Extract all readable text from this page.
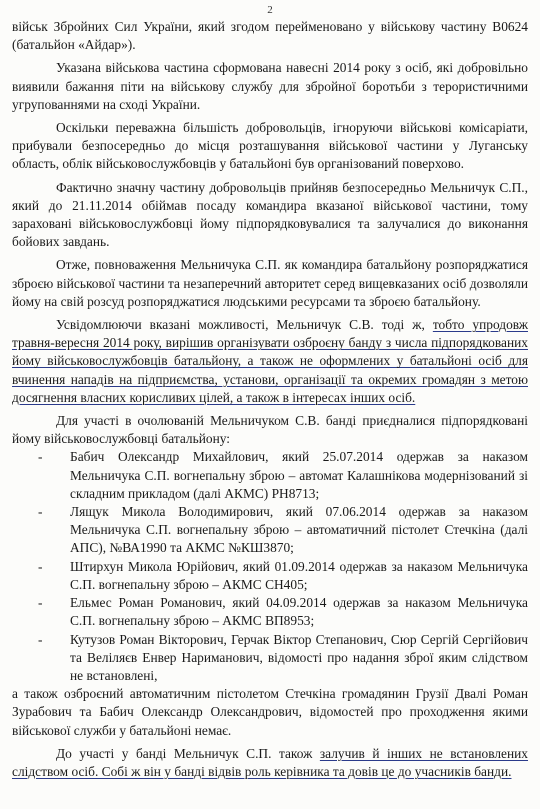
2

військ Збройних Сил України, який згодом перейменовано у військову частину В0624 (батальйон «Айдар»).

Указана військова частина сформована навесні 2014 року з осіб, які добровільно виявили бажання піти на військову службу для збройної боротьби з терористичними угрупованнями на сході України.

Оскільки переважна більшість добровольців, ігноруючи військові комісаріати, прибували безпосередньо до місця розташування військової частини у Луганську область, облік військовослужбовців у батальйоні був організований поверхово.

Фактично значну частину добровольців прийняв безпосередньо Мельничук С.П., який до 21.11.2014 обіймав посаду командира вказаної військової частини, тому зараховані військовослужбовці йому підпорядковувалися та залучалися до виконання бойових завдань.

Отже, повноваження Мельничука С.П. як командира батальйону розпоряджатися зброєю військової частини та незаперечний авторитет серед вищевказаних осіб дозволяли йому на свій розсуд розпоряджатися людськими ресурсами та зброєю батальйону.

Усвідомлюючи вказані можливості, Мельничук С.В. тоді ж, тобто упродовж травня-вересня 2014 року, вирішив організувати озброєну банду з числа підпорядкованих йому військовослужбовців батальйону, а також не оформлених у батальйоні осіб для вчинення нападів на підприємства, установи, організації та окремих громадян з метою досягнення власних корисливих цілей, а також в інтересах інших осіб.

Для участі в очолюваній Мельничуком С.В. банді приєдналися підпорядковані йому військовослужбовці батальйону:

- Бабич Олександр Михайлович, який 25.07.2014 одержав за наказом Мельничука С.П. вогнепальну зброю – автомат Калашнікова модернізований зі складним прикладом (далі АКМС) РН8713;
- Лящук Микола Володимирович, який 07.06.2014 одержав за наказом Мельничука С.П. вогнепальну зброю – автоматичний пістолет Стечкіна (далі АПС), №ВА1990 та АКМС №КШ3870;
- Штирхун Микола Юрійович, який 01.09.2014 одержав за наказом Мельничука С.П. вогнепальну зброю – АКМС СН405;
- Ельмес Роман Романович, який 04.09.2014 одержав за наказом Мельничука С.П. вогнепальну зброю – АКМС ВП8953;
- Кутузов Роман Вікторович, Герчак Віктор Степанович, Сюр Сергій Сергійович та Веліляєв Енвер Нариманович, відомості про надання зброї яким слідством не встановлені,

а також озброєний автоматичним пістолетом Стечкіна громадянин Грузії Двалі Роман Зурабович та Бабич Олександр Олександрович, відомостей про проходження якими військової служби у батальйоні немає.

До участі у банді Мельничук С.П. також залучив й інших не встановлених слідством осіб. Собі ж він у банді відвів роль керівника та довів це до учасників банди.
